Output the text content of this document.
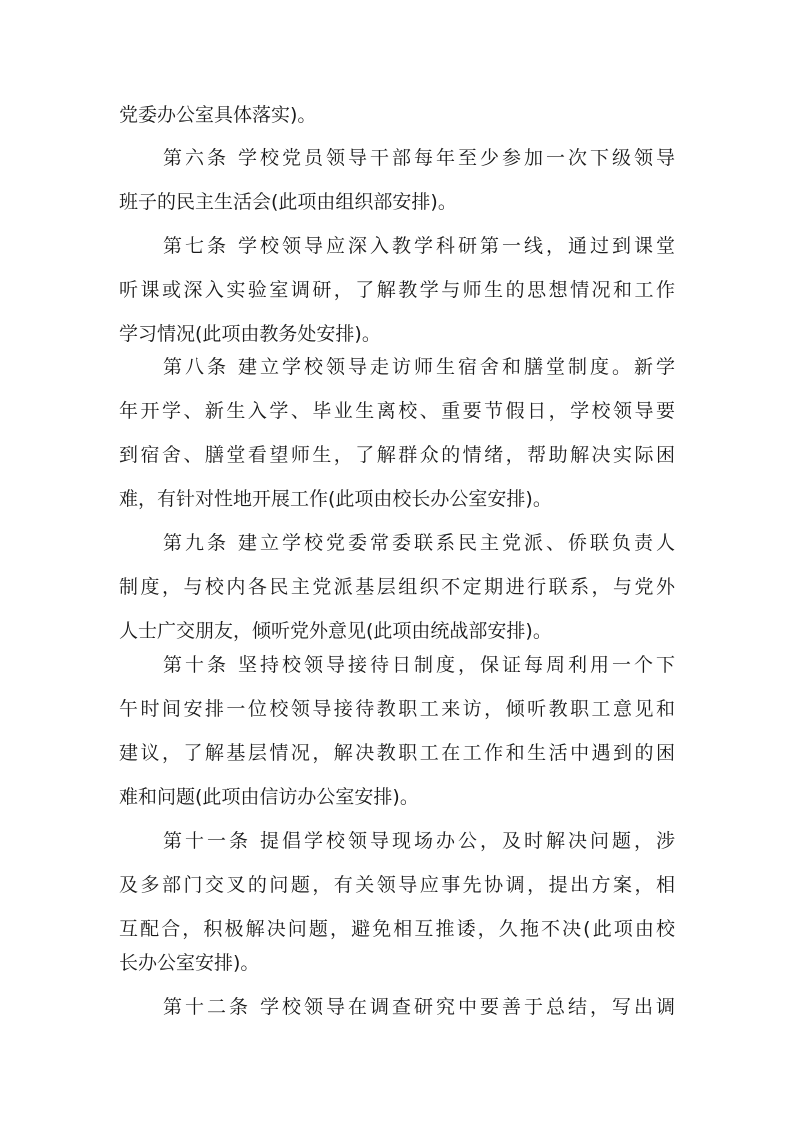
党委办公室具体落实)。
第六条 学校党员领导干部每年至少参加一次下级领导
班子的民主生活会(此项由组织部安排)。
第七条 学校领导应深入教学科研第一线，通过到课堂
听课或深入实验室调研，了解教学与师生的思想情况和工作
学习情况(此项由教务处安排)。
第八条 建立学校领导走访师生宿舍和膳堂制度。新学
年开学、新生入学、毕业生离校、重要节假日，学校领导要
到宿舍、膳堂看望师生，了解群众的情绪，帮助解决实际困
难，有针对性地开展工作(此项由校长办公室安排)。
第九条 建立学校党委常委联系民主党派、侨联负责人
制度，与校内各民主党派基层组织不定期进行联系，与党外
人士广交朋友，倾听党外意见(此项由统战部安排)。
第十条 坚持校领导接待日制度，保证每周利用一个下
午时间安排一位校领导接待教职工来访，倾听教职工意见和
建议，了解基层情况，解决教职工在工作和生活中遇到的困
难和问题(此项由信访办公室安排)。
第十一条 提倡学校领导现场办公，及时解决问题，涉
及多部门交叉的问题，有关领导应事先协调，提出方案，相
互配合，积极解决问题，避免相互推诿，久拖不决(此项由校
长办公室安排)。
第十二条 学校领导在调查研究中要善于总结，写出调
